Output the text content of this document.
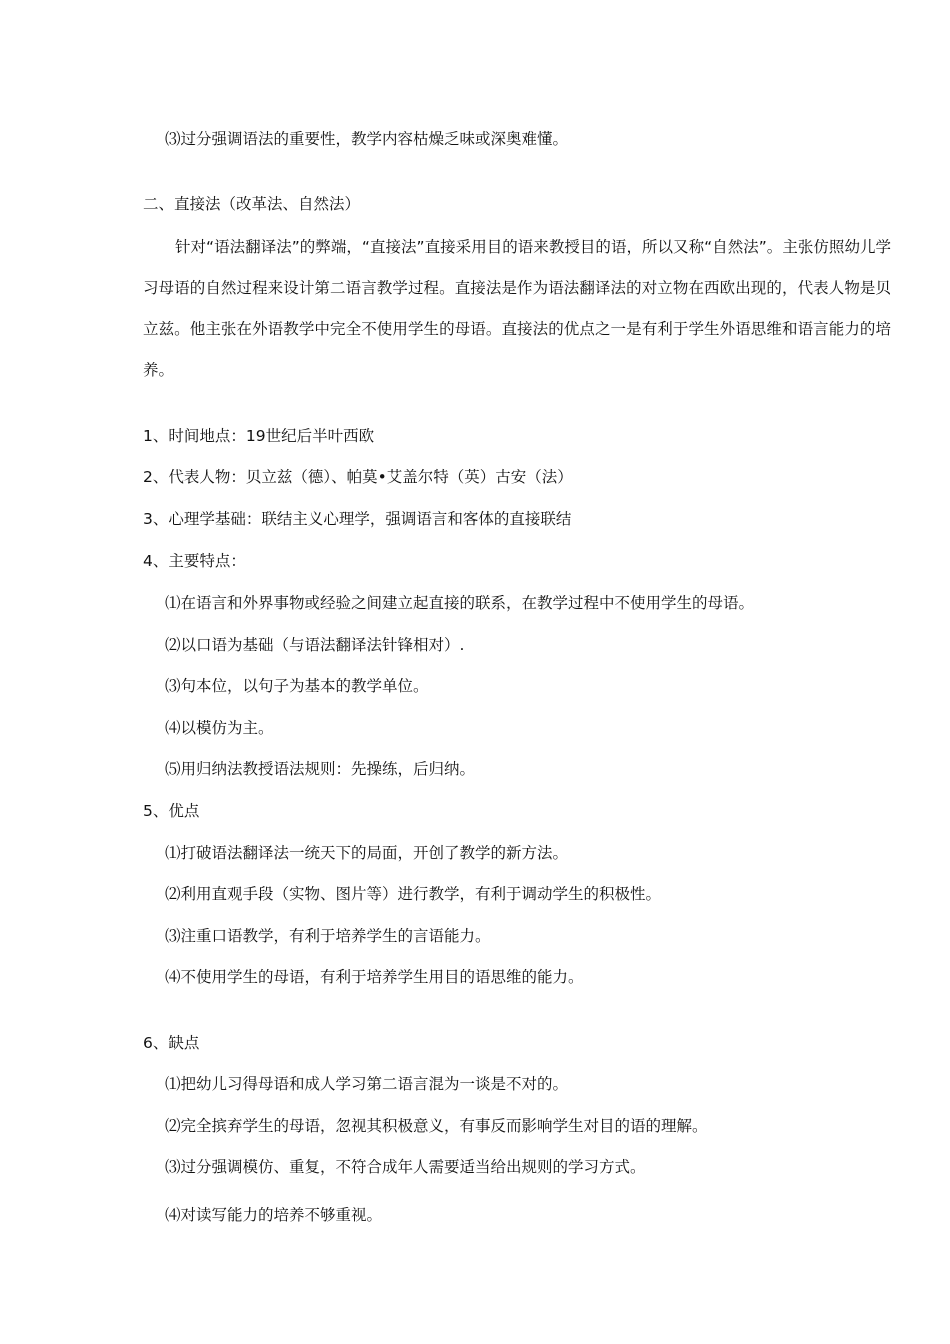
⑶过分强调语法的重要性，教学内容枯燥乏味或深奥难懂。
二、直接法（改革法、自然法）
针对“语法翻译法”的弊端，“直接法”直接采用目的语来教授目的语，所以又称“自然法”。主张仿照幼儿学习母语的自然过程来设计第二语言教学过程。直接法是作为语法翻译法的对立物在西欧出现的，代表人物是贝立兹。他主张在外语教学中完全不使用学生的母语。直接法的优点之一是有利于学生外语思维和语言能力的培养。
1、时间地点：19世纪后半叶西欧
2、代表人物：贝立兹（德）、帕莫•艾盖尔特（英）古安（法）
3、心理学基础：联结主义心理学，强调语言和客体的直接联结
4、主要特点：
⑴在语言和外界事物或经验之间建立起直接的联系，在教学过程中不使用学生的母语。
⑵以口语为基础（与语法翻译法针锋相对）.
⑶句本位，以句子为基本的教学单位。
⑷以模仿为主。
⑸用归纳法教授语法规则：先操练，后归纳。
5、优点
⑴打破语法翻译法一统天下的局面，开创了教学的新方法。
⑵利用直观手段（实物、图片等）进行教学，有利于调动学生的积极性。
⑶注重口语教学，有利于培养学生的言语能力。
⑷不使用学生的母语，有利于培养学生用目的语思维的能力。
6、缺点
⑴把幼儿习得母语和成人学习第二语言混为一谈是不对的。
⑵完全摈弃学生的母语，忽视其积极意义，有事反而影响学生对目的语的理解。
⑶过分强调模仿、重复，不符合成年人需要适当给出规则的学习方式。
⑷对读写能力的培养不够重视。
